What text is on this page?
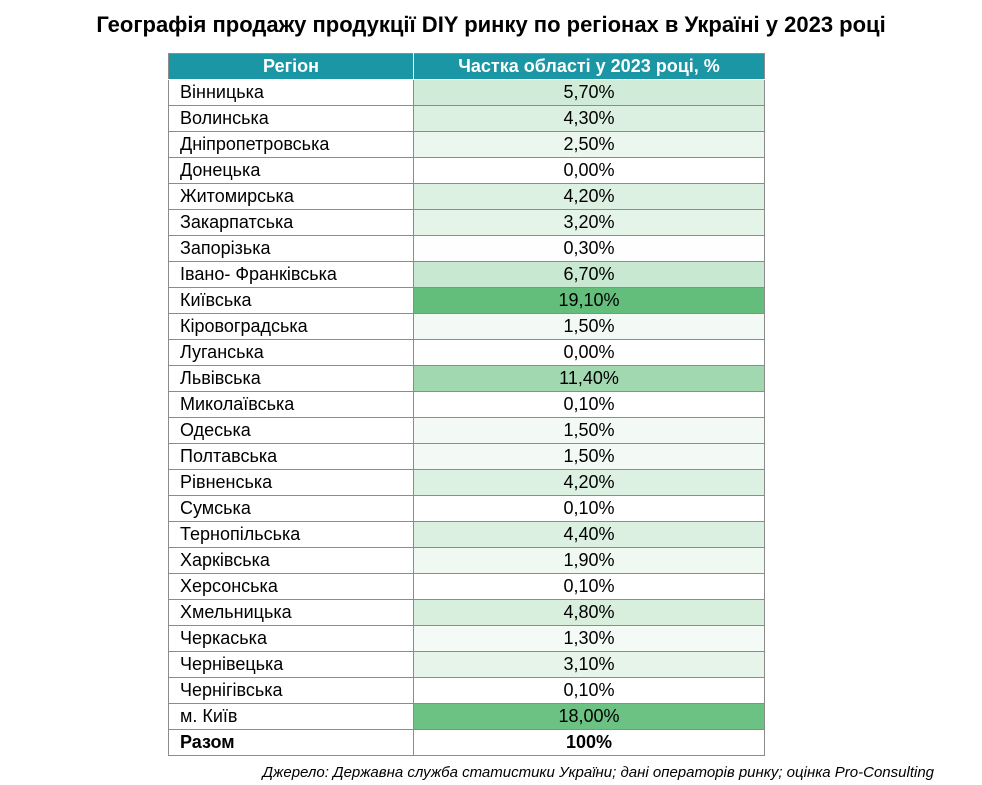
Географія продажу продукції DIY ринку по регіонах в Україні у 2023 році
Регіон	Частка області у 2023 році, %
Вінницька	5,70%
Волинська	4,30%
Дніпропетровська	2,50%
Донецька	0,00%
Житомирська	4,20%
Закарпатська	3,20%
Запорізька	0,30%
Івано- Франківська	6,70%
Київська	19,10%
Кіровоградська	1,50%
Луганська	0,00%
Львівська	11,40%
Миколаївська	0,10%
Одеська	1,50%
Полтавська	1,50%
Рівненська	4,20%
Сумська	0,10%
Тернопільська	4,40%
Харківська	1,90%
Херсонська	0,10%
Хмельницька	4,80%
Черкаська	1,30%
Чернівецька	3,10%
Чернігівська	0,10%
м. Київ	18,00%
Разом	100%
Джерело: Державна служба статистики України; дані операторів ринку; оцінка Pro-Consulting
